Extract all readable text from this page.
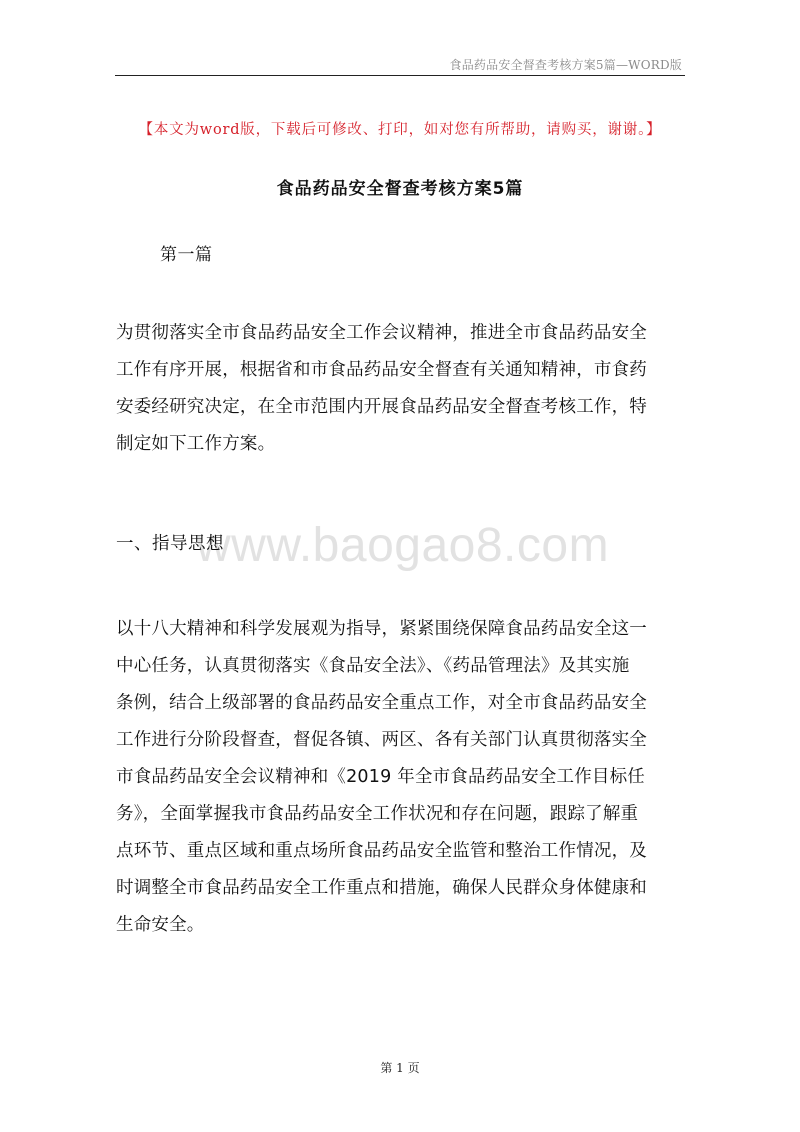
食品药品安全督查考核方案5篇—WORD版
【本文为word版，下载后可修改、打印，如对您有所帮助，请购买，谢谢。】
食品药品安全督查考核方案5篇
第一篇
为贯彻落实全市食品药品安全工作会议精神，推进全市食品药品安全
工作有序开展，根据省和市食品药品安全督查有关通知精神，市食药
安委经研究决定，在全市范围内开展食品药品安全督查考核工作，特
制定如下工作方案。
www.baogao8.com
一、指导思想
以十八大精神和科学发展观为指导，紧紧围绕保障食品药品安全这一
中心任务，认真贯彻落实《食品安全法》、《药品管理法》及其实施
条例，结合上级部署的食品药品安全重点工作，对全市食品药品安全
工作进行分阶段督查，督促各镇、两区、各有关部门认真贯彻落实全
市食品药品安全会议精神和《2019 年全市食品药品安全工作目标任
务》，全面掌握我市食品药品安全工作状况和存在问题，跟踪了解重
点环节、重点区域和重点场所食品药品安全监管和整治工作情况，及
时调整全市食品药品安全工作重点和措施，确保人民群众身体健康和
生命安全。
第 1 页
